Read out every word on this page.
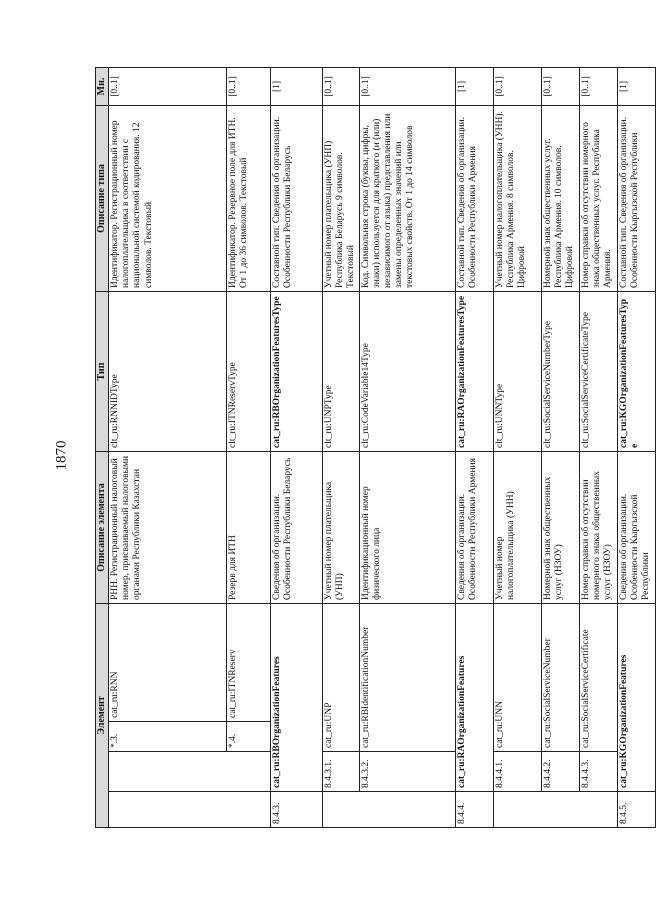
1870
Элемент				Описание элемента	Тип	Описание типа	Мн.
		*.3.	cat_ru:RNN	РНН. Регистрационный налоговый номер, присваиваемый налоговыми органами Республики Казахстан	clt_ru:RNNIDType	Идентификатор. Регистрационный номер налогоплательщика в соответствии с национальной системой кодирования. 12 символов. Текстовый	[0..1]
		*.4.	cat_ru:ITNReserv	Резерв для ИТН	clt_ru:ITNReservType	Идентификатор. Резервное поле для ИТН. От 1 до 36 символов. Текстовый	[0..1]
8.4.3.	cat_ru:RBOrganizationFeatures			Сведения об организации. Особенности Республики Беларусь	cat_ru:RBOrganizationFeaturesType	Составной тип. Сведения об организации. Особенности Республики Беларусь	[1]
	8.4.3.1.	cat_ru:UNP		Учетный номер плательщика (УНП)	clt_ru:UNPType	Учетный номер плательщика (УНП) Республика Беларусь 9 символов. Текстовый	[0..1]
	8.4.3.2.	cat_ru:RBIdentificationNumber		Идентификационный номер физического лица	clt_ru:CodeVariable14Type	Код. Символьная строка (буквы, цифры, знаки) используется для краткого (и (или) независимого от языка) представления или замены определенных значений или текстовых свойств. От 1 до 14 символов	[0..1]
8.4.4.	cat_ru:RAOrganizationFeatures			Сведения об организации. Особенности Республики Армения	cat_ru:RAOrganizationFeaturesType	Составной тип. Сведения об организации. Особенности Республики Армения	[1]
	8.4.4.1.	cat_ru:UNN		Учетный номер налогоплательщика (УНН)	clt_ru:UNNType	Учетный номер налогоплательщика (УНН). Республика Армения. 8 символов. Цифровой	[0..1]
	8.4.4.2.	cat_ru:SocialServiceNumber		Номерной знак общественных услуг (НЗОУ)	clt_ru:SocialServiceNumberType	Номерной знак общественных услуг. Республика Армения. 10 символов. Цифровой	[0..1]
	8.4.4.3.	cat_ru:SocialServiceCertificate		Номер справки об отсутствии номерного знака общественных услуг (НЗОУ)	clt_ru:SocialServiceCertificateType	Номер справки об отсутствии номерного знака общественных услуг. Республика Армения.	[0..1]
8.4.5.	cat_ru:KGOrganizationFeatures			Сведения об организации. Особенности Кыргызской Республики	cat_ru:KGOrganizationFeaturesType	Составной тип. Сведения об организации. Особенности Кыргызской Республики	[1]
